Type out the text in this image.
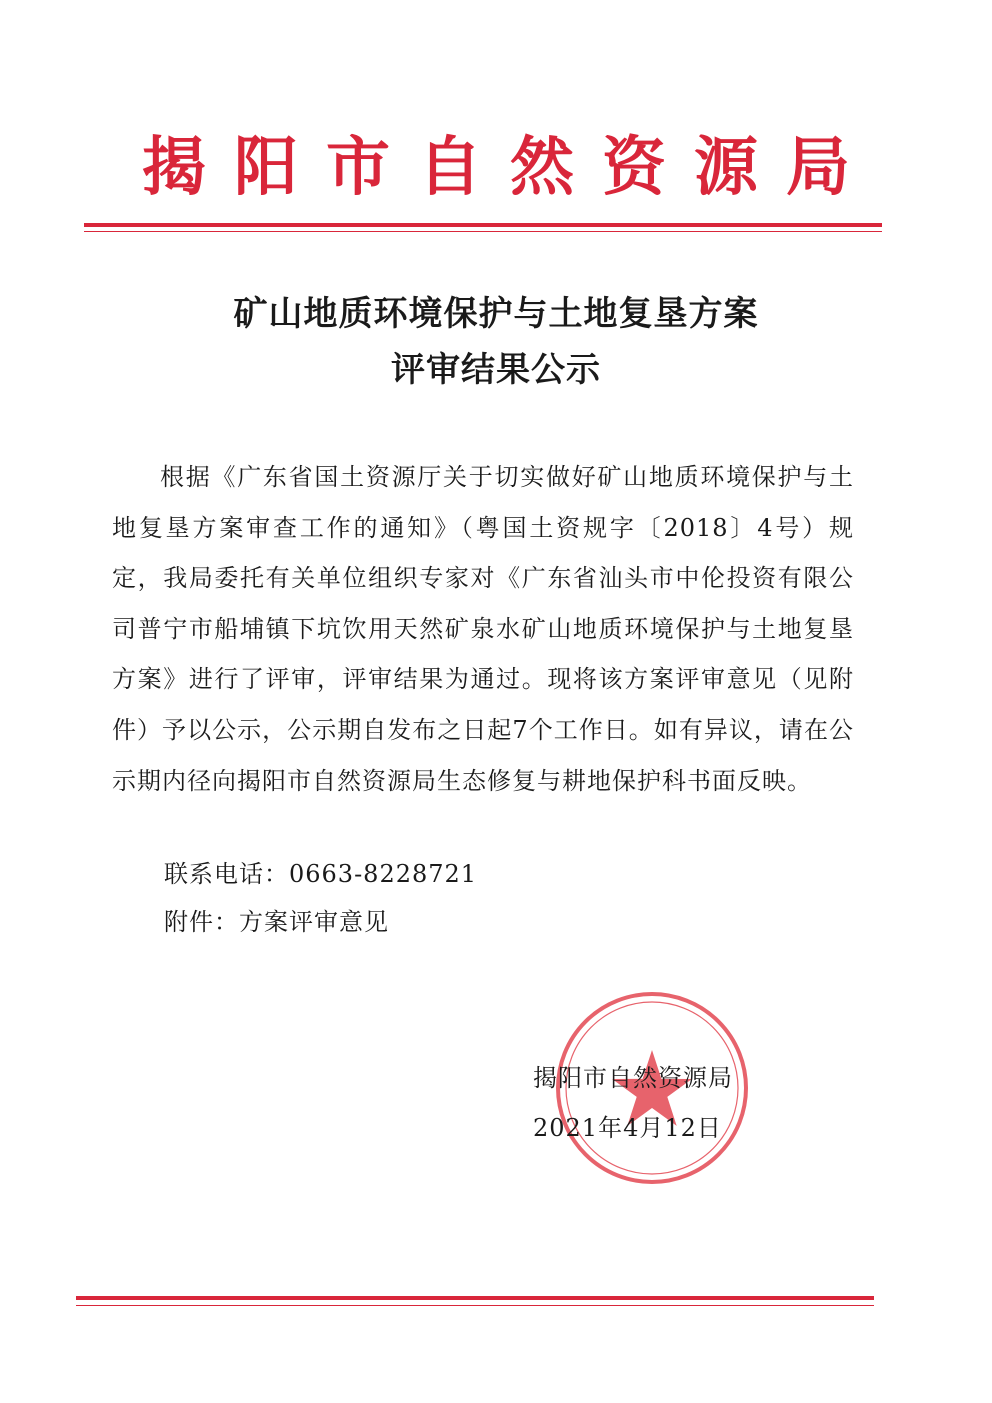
揭阳市自然资源局
矿山地质环境保护与土地复垦方案
评审结果公示

根据《广东省国土资源厅关于切实做好矿山地质环境保护与土地复垦方案审查工作的通知》（粤国土资规字〔2018〕4号）规定，我局委托有关单位组织专家对《广东省汕头市中伦投资有限公司普宁市船埔镇下坑饮用天然矿泉水矿山地质环境保护与土地复垦方案》进行了评审，评审结果为通过。现将该方案评审意见（见附件）予以公示，公示期自发布之日起7个工作日。如有异议，请在公示期内径向揭阳市自然资源局生态修复与耕地保护科书面反映。

联系电话：0663-8228721
附件：方案评审意见
揭阳市自然资源局
2021年4月12日
